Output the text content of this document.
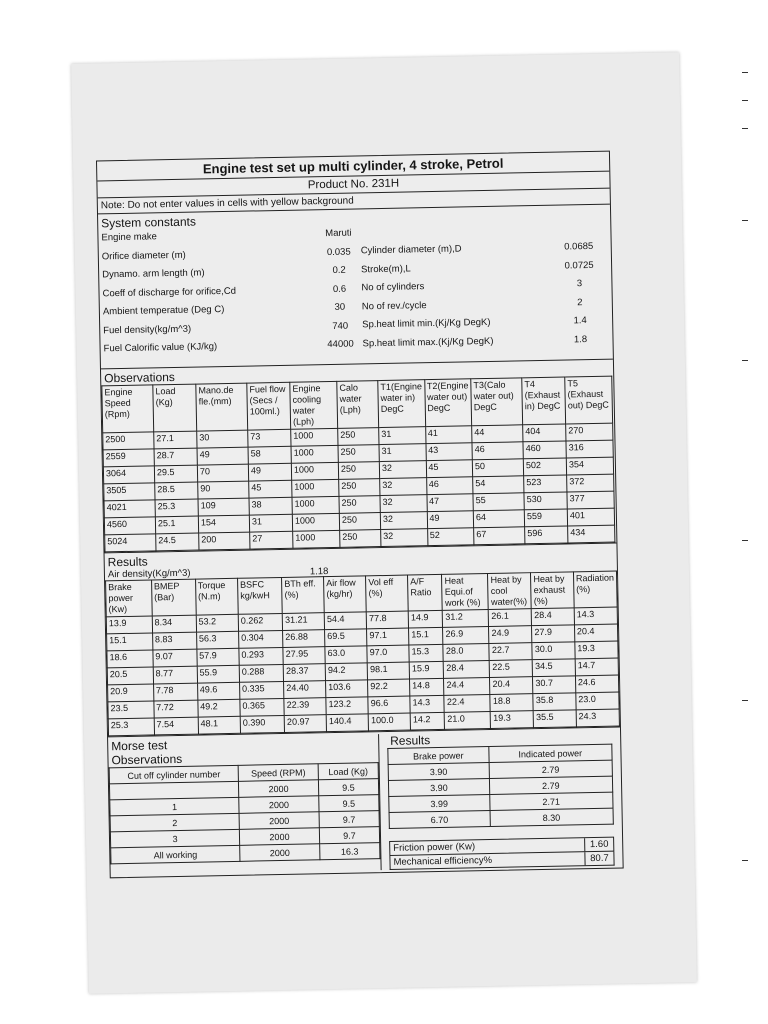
Engine test set up multi cylinder, 4 stroke, Petrol
Product No. 231H
Note: Do not enter values in cells with yellow background
System constants
Engine make	Maruti
Orifice diameter (m)	0.035
Dynamo. arm length (m)	0.2
Coeff of discharge for orifice,Cd	0.6
Ambient temperatue (Deg C)	30
Fuel density(kg/m^3)	740
Fuel Calorific value (KJ/kg)	44000
Cylinder diameter (m),D	0.0685
Stroke(m),L	0.0725
No of cylinders	3
No of rev./cycle	2
Sp.heat limit min.(Kj/Kg DegK)	1.4
Sp.heat limit max.(Kj/Kg DegK)	1.8
Observations
Engine Speed (Rpm)	Load (Kg)	Mano.de fle.(mm)	Fuel flow (Secs / 100ml.)	Engine cooling water (Lph)	Calo water (Lph)	T1(Engine water in) DegC	T2(Engine water out) DegC	T3(Calo water out) DegC	T4 (Exhaust in) DegC	T5 (Exhaust out) DegC
2500	27.1	30	73	1000	250	31	41	44	404	270
2559	28.7	49	58	1000	250	31	43	46	460	316
3064	29.5	70	49	1000	250	32	45	50	502	354
3505	28.5	90	45	1000	250	32	46	54	523	372
4021	25.3	109	38	1000	250	32	47	55	530	377
4560	25.1	154	31	1000	250	32	49	64	559	401
5024	24.5	200	27	1000	250	32	52	67	596	434
Results
Air density(Kg/m^3)	1.18
Brake power (Kw)	BMEP (Bar)	Torque (N.m)	BSFC kg/kwH	BTh eff. (%)	Air flow (kg/hr)	Vol eff (%)	A/F Ratio	Heat Equi.of work (%)	Heat by cool water(%)	Heat by exhaust (%)	Radiation (%)
13.9	8.34	53.2	0.262	31.21	54.4	77.8	14.9	31.2	26.1	28.4	14.3
15.1	8.83	56.3	0.304	26.88	69.5	97.1	15.1	26.9	24.9	27.9	20.4
18.6	9.07	57.9	0.293	27.95	63.0	97.0	15.3	28.0	22.7	30.0	19.3
20.5	8.77	55.9	0.288	28.37	94.2	98.1	15.9	28.4	22.5	34.5	14.7
20.9	7.78	49.6	0.335	24.40	103.6	92.2	14.8	24.4	20.4	30.7	24.6
23.5	7.72	49.2	0.365	22.39	123.2	96.6	14.3	22.4	18.8	35.8	23.0
25.3	7.54	48.1	0.390	20.97	140.4	100.0	14.2	21.0	19.3	35.5	24.3
Morse test
Observations
Cut off cylinder number	Speed (RPM)	Load (Kg)
	2000	9.5
1	2000	9.5
2	2000	9.7
3	2000	9.7
All working	2000	16.3
Results
Brake power	Indicated power
3.90	2.79
3.90	2.79
3.99	2.71
6.70	8.30
Friction power (Kw)	1.60
Mechanical efficiency%	80.7
